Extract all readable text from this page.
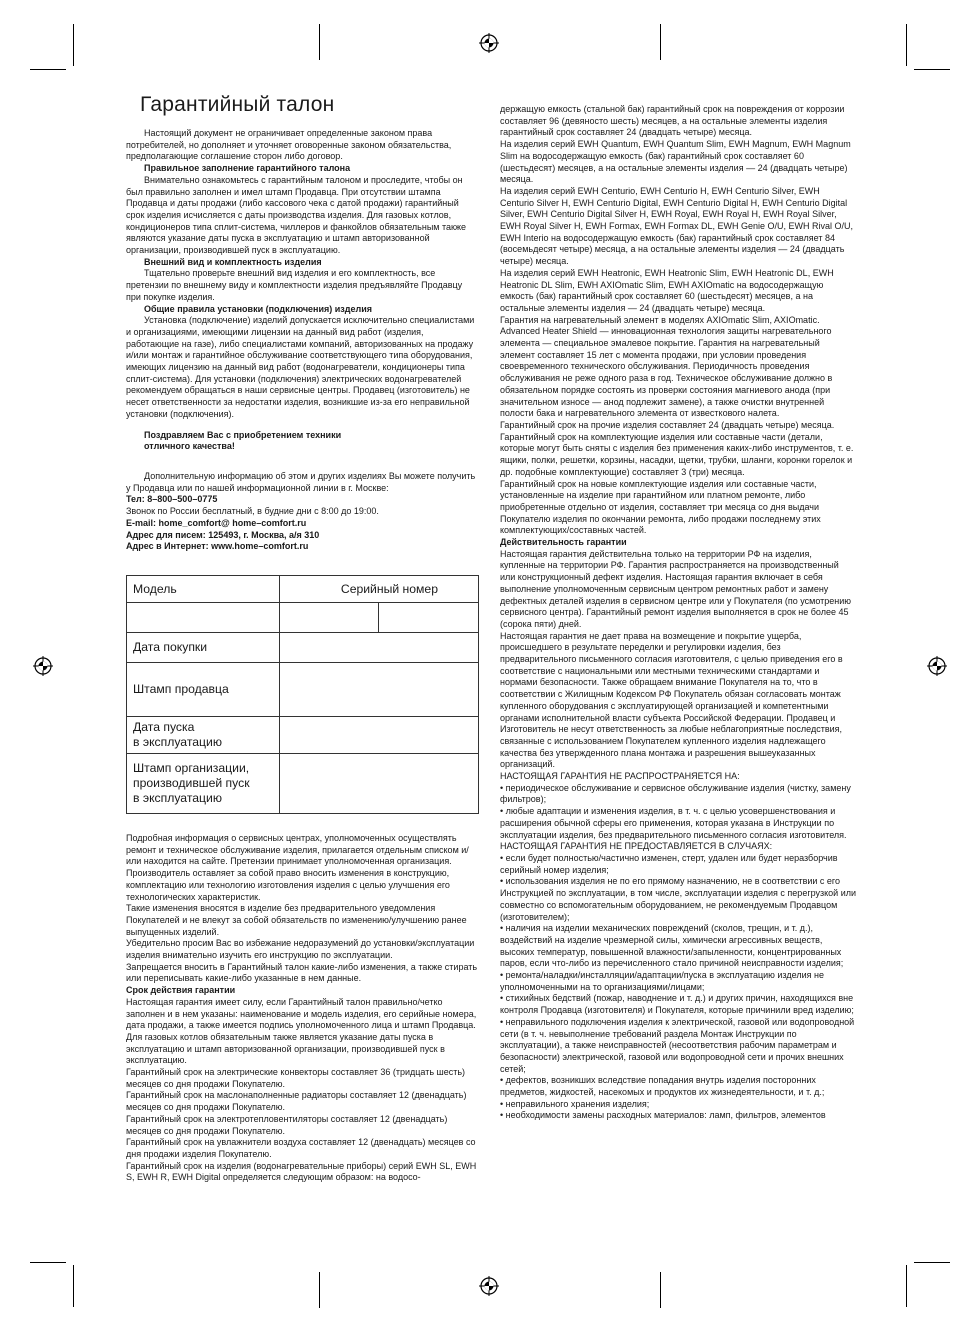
Гарантийный талон

Настоящий документ не ограничивает определенные законом права потребителей, но дополняет и уточняет оговоренные законом обязательства, предполагающие соглашение сторон либо договор.

Правильное заполнение гарантийного талона

Внимательно ознакомьтесь с гарантийным талоном и проследите, чтобы он был правильно заполнен и имел штамп Продавца. При отсутствии штампа Продавца и даты продажи (либо кассового чека с датой продажи) гарантийный срок изделия исчисляется с даты производства изделия. Для газовых котлов, кондиционеров типа сплит-система, чиллеров и фанкойлов обязательным также являются указание даты пуска в эксплуатацию и штамп авторизованной организации, производившей пуск в эксплуатацию.

Внешний вид и комплектность изделия

Тщательно проверьте внешний вид изделия и его комплектность, все претензии по внешнему виду и комплектности изделия предъявляйте Продавцу при покупке изделия.

Общие правила установки (подключения) изделия

Установка (подключение) изделий допускается исключительно специалистами и организациями, имеющими лицензии на данный вид работ (изделия, работающие на газе), либо специалистами компаний, авторизованных на продажу и/или монтаж и гарантийное обслуживание соответствующего типа оборудования, имеющих лицензию на данный вид работ (водонагреватели, кондиционеры типа сплит-система). Для установки (подключения) электрических водонагревателей рекомендуем обращаться в наши сервисные центры. Продавец (изготовитель) не несет ответственности за недостатки изделия, возникшие из-за его неправильной установки (подключения).

Поздравляем Вас с приобретением техники отличного качества!

Дополнительную информацию об этом и других изделиях Вы можете получить у Продавца или по нашей информационной линии в г. Москве:

Тел: 8–800–500–0775

Звонок по России бесплатный, в будние дни с 8:00 до 19:00.

E-mail: home_comfort@ home–comfort.ru

Адрес для писем: 125493, г. Москва, а/я 310

Адрес в Интернет: www.home–comfort.ru

Модель	Серийный номер	

Дата покупки		
Штамп продавца		

Дата пуска
в эксплуатацию		

Штамп организации,
производившей пуск
в эксплуатацию		

Подробная информация о сервисных центрах, уполномоченных осуществлять ремонт и техническое обслуживание изделия, прилагается отдельным списком и/или находится на сайте. Претензии принимает уполномоченная организация.

Производитель оставляет за собой право вносить изменения в конструкцию, комплектацию или технологию изготовления изделия с целью улучшения его технологических характеристик.

Такие изменения вносятся в изделие без предварительного уведомления Покупателей и не влекут за собой обязательств по изменению/улучшению ранее выпущенных изделий.

Убедительно просим Вас во избежание недоразумений до установки/эксплуатации изделия внимательно изучить его инструкцию по эксплуатации.

Запрещается вносить в Гарантийный талон какие-либо изменения, а также стирать или переписывать какие-либо указанные в нем данные.

Срок действия гарантии

Настоящая гарантия имеет силу, если Гарантийный талон правильно/четко заполнен и в нем указаны: наименование и модель изделия, его серийные номера, дата продажи, а также имеется подпись уполномоченного лица и штамп Продавца. Для газовых котлов обязательным также является указание даты пуска в эксплуатацию и штамп авторизованной организации, производившей пуск в эксплуатацию.

Гарантийный срок на электрические конвекторы составляет 36 (тридцать шесть) месяцев со дня продажи Покупателю.

Гарантийный срок на маслонаполненные радиаторы составляет 12 (двенадцать) месяцев со дня продажи Покупателю.

Гарантийный срок на электротепловентиляторы составляет 12 (двенадцать) месяцев со дня продажи Покупателю.

Гарантийный срок на увлажнители воздуха составляет 12 (двенадцать) месяцев со дня продажи изделия Покупателю.

Гарантийный срок на изделия (водонагревательные приборы) серий EWH SL, EWH S, EWH R, EWH Digital определяется следующим образом: на водосо-

держащую емкость (стальной бак) гарантийный срок на повреждения от коррозии составляет 96 (девяносто шесть) месяцев, а на остальные элементы изделия гарантийный срок составляет 24 (двадцать четыре) месяца.

На изделия серий EWH Quantum, EWH Quantum Slim, EWH Magnum, EWH Magnum Slim на водосодержащую емкость (бак) гарантийный срок составляет 60 (шестьдесят) месяцев, а на остальные элементы изделия — 24 (двадцать четыре) месяца.

На изделия серий EWH Centurio, EWH Centurio H, EWH Centurio Silver, EWH Centurio Silver H, EWH Centurio Digital, EWH Centurio Digital H, EWH Centurio Digital Silver, EWH Centurio Digital Silver H, EWH Royal, EWH Royal H, EWH Royal Silver, EWH Royal Silver H, EWH Formax, EWH Formax DL, EWH Genie O/U, EWH Rival O/U, EWH Interio на водосодержащую емкость (бак) гарантийный срок составляет 84 (восемьдесят четыре) месяца, а на остальные элементы изделия — 24 (двадцать четыре) месяца.

На изделия серий EWH Heatronic, EWH Heatronic Slim, EWH Heatronic DL, EWH Heatronic DL Slim, EWH AXIOmatic Slim, EWH AXIOmatic на водосодержащую емкость (бак) гарантийный срок составляет 60 (шестьдесят) месяцев, а на остальные элементы изделия — 24 (двадцать четыре) месяца.

Гарантия на нагревательный элемент в моделях AXIOmatic Slim, AXIOmatic. Advanced Heater Shield — инновационная технология защиты нагревательного элемента — специальное эмалевое покрытие. Гарантия на нагревательный элемент составляет 15 лет с момента продажи, при условии проведения своевременного технического обслуживания. Периодичность проведения обслуживания не реже одного раза в год. Техническое обслуживание должно в обязательном порядке состоять из проверки состояния магниевого анода (при значительном износе — анод подлежит замене), а также очистки внутренней полости бака и нагревательного элемента от известкового налета.

Гарантийный срок на прочие изделия составляет 24 (двадцать четыре) месяца.

Гарантийный срок на комплектующие изделия или составные части (детали, которые могут быть сняты с изделия без применения каких-либо инструментов, т. е. ящики, полки, решетки, корзины, насадки, щетки, трубки, шланги, коронки горелок и др. подобные комплектующие) составляет 3 (три) месяца.

Гарантийный срок на новые комплектующие изделия или составные части, установленные на изделие при гарантийном или платном ремонте, либо приобретенные отдельно от изделия, составляет три месяца со дня выдачи Покупателю изделия по окончании ремонта, либо продажи последнему этих комплектующих/составных частей.

Действительность гарантии

Настоящая гарантия действительна только на территории РФ на изделия, купленные на территории РФ. Гарантия распространяется на производственный или конструкционный дефект изделия. Настоящая гарантия включает в себя выполнение уполномоченным сервисным центром ремонтных работ и замену дефектных деталей изделия в сервисном центре или у Покупателя (по усмотрению сервисного центра). Гарантийный ремонт изделия выполняется в срок не более 45 (сорока пяти) дней.

Настоящая гарантия не дает права на возмещение и покрытие ущерба, происшедшего в результате переделки и регулировки изделия, без предварительного письменного согласия изготовителя, с целью приведения его в соответствие с национальными или местными техническими стандартами и нормами безопасности. Также обращаем внимание Покупателя на то, что в соответствии с Жилищным Кодексом РФ Покупатель обязан согласовать монтаж купленного оборудования с эксплуатирующей организацией и компетентными органами исполнительной власти субъекта Российской Федерации. Продавец и Изготовитель не несут ответственность за любые неблагоприятные последствия, связанные с использованием Покупателем купленного изделия надлежащего качества без утвержденного плана монтажа и разрешения вышеуказанных организаций.

НАСТОЯЩАЯ ГАРАНТИЯ НЕ РАСПРОСТРАНЯЕТСЯ НА:

• периодическое обслуживание и сервисное обслуживание изделия (чистку, замену фильтров);

• любые адаптации и изменения изделия, в т. ч. с целью усовершенствования и расширения обычной сферы его применения, которая указана в Инструкции по эксплуатации изделия, без предварительного письменного согласия изготовителя.

НАСТОЯЩАЯ ГАРАНТИЯ НЕ ПРЕДОСТАВЛЯЕТСЯ В СЛУЧАЯХ:

• если будет полностью/частично изменен, стерт, удален или будет неразборчив серийный номер изделия;

• использования изделия не по его прямому назначению, не в соответствии с его Инструкцией по эксплуатации, в том числе, эксплуатации изделия с перегрузкой или совместно со вспомогательным оборудованием, не рекомендуемым Продавцом (изготовителем);

• наличия на изделии механических повреждений (сколов, трещин, и т. д.), воздействий на изделие чрезмерной силы, химически агрессивных веществ, высоких температур, повышенной влажности/запыленности, концентрированных паров, если что-либо из перечисленного стало причиной неисправности изделия;

• ремонта/наладки/инсталляции/адаптации/пуска в эксплуатацию изделия не уполномоченными на то организациями/лицами;

• стихийных бедствий (пожар, наводнение и т. д.) и других причин, находящихся вне контроля Продавца (изготовителя) и Покупателя, которые причинили вред изделию;

• неправильного подключения изделия к электрической, газовой или водопроводной сети (в т. ч. невыполнение требований раздела Монтаж Инструкции по эксплуатации), а также неисправностей (несоответствия рабочим параметрам и безопасности) электрической, газовой или водопроводной сети и прочих внешних сетей;

• дефектов, возникших вследствие попадания внутрь изделия посторонних предметов, жидкостей, насекомых и продуктов их жизнедеятельности, и т. д.;

• неправильного хранения изделия;

• необходимости замены расходных материалов: ламп, фильтров, элементов
